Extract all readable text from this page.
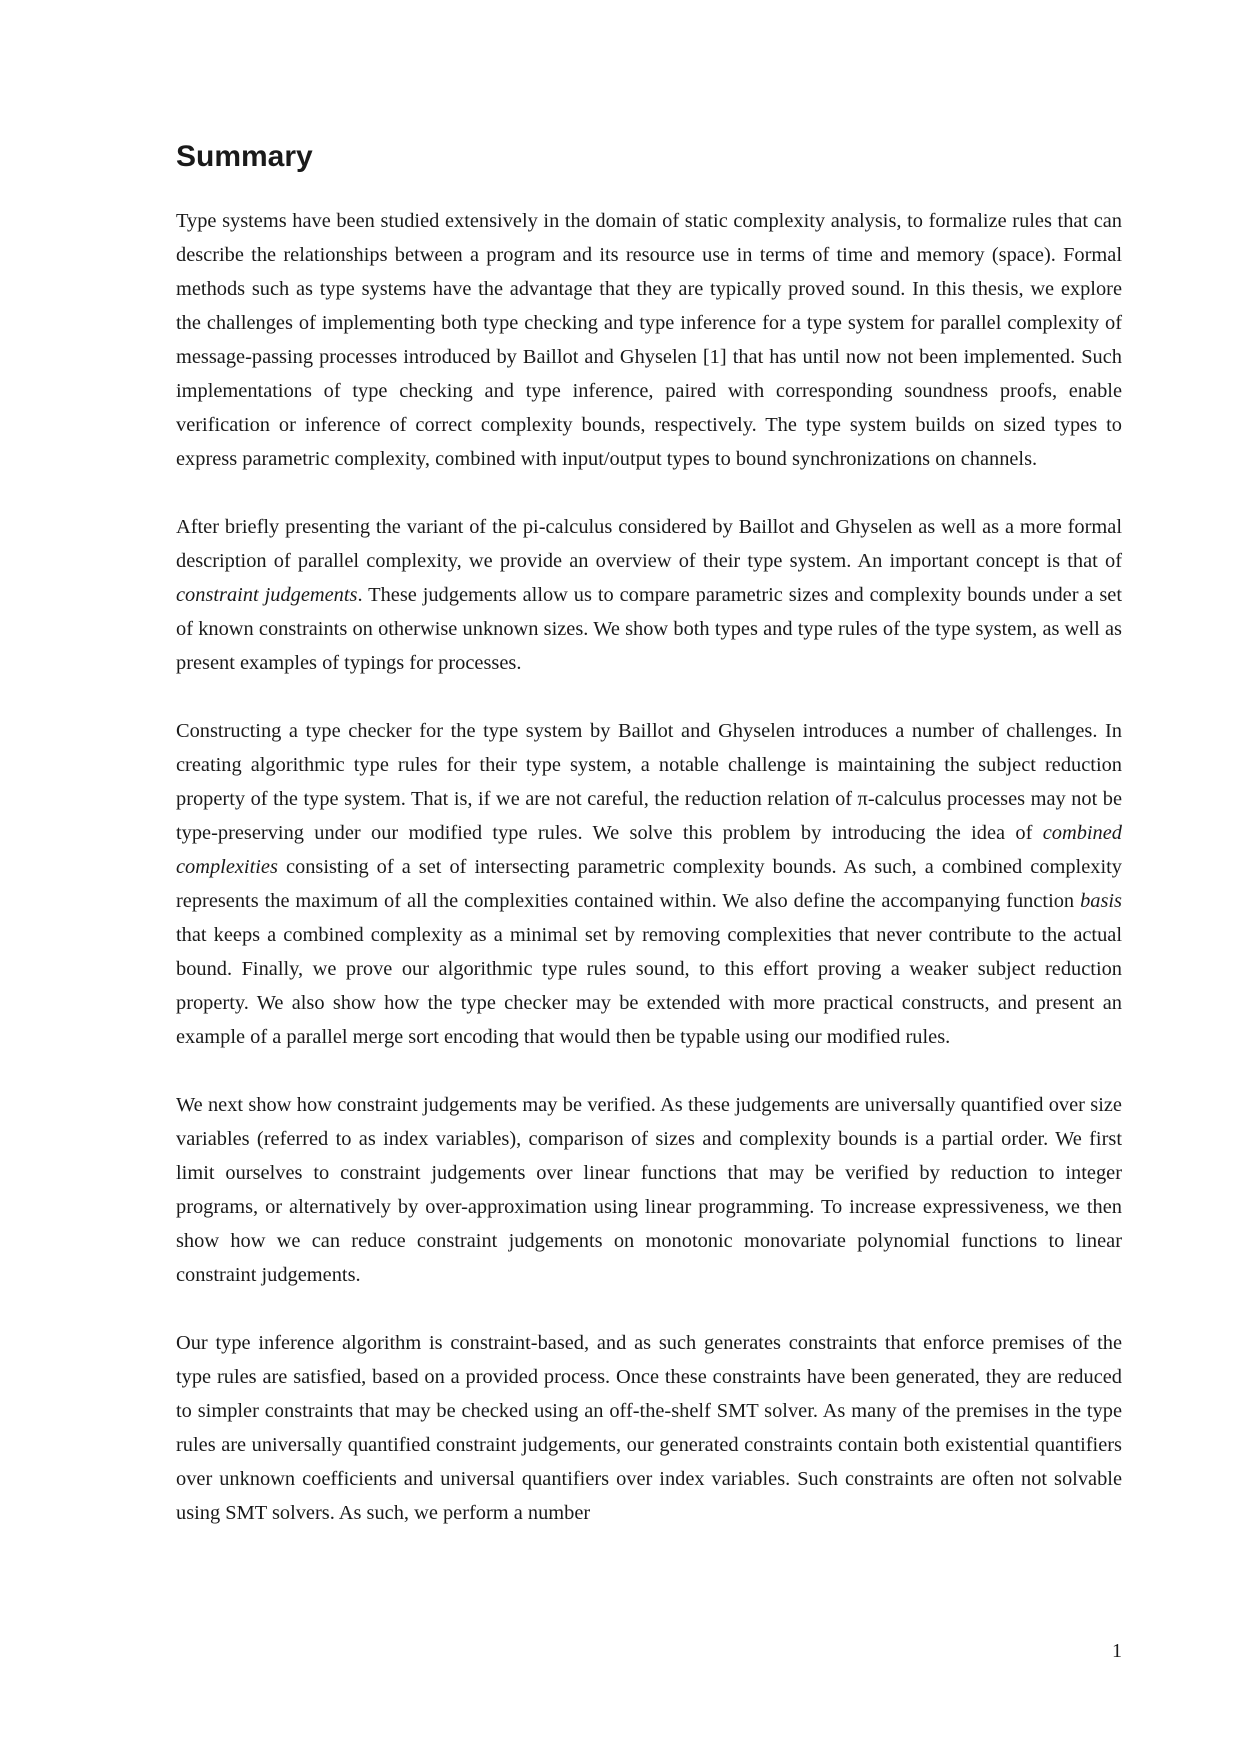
Summary

Type systems have been studied extensively in the domain of static complexity analysis, to formalize rules that can describe the relationships between a program and its resource use in terms of time and memory (space). Formal methods such as type systems have the advantage that they are typically proved sound. In this thesis, we explore the challenges of implementing both type checking and type inference for a type system for parallel complexity of message-passing processes introduced by Baillot and Ghyselen [1] that has until now not been implemented. Such implementations of type checking and type inference, paired with corresponding soundness proofs, enable verification or inference of correct complexity bounds, respectively. The type system builds on sized types to express parametric complexity, combined with input/output types to bound synchronizations on channels.

After briefly presenting the variant of the pi-calculus considered by Baillot and Ghyselen as well as a more formal description of parallel complexity, we provide an overview of their type system. An important concept is that of constraint judgements. These judgements allow us to compare parametric sizes and complexity bounds under a set of known constraints on otherwise unknown sizes. We show both types and type rules of the type system, as well as present examples of typings for processes.

Constructing a type checker for the type system by Baillot and Ghyselen introduces a number of challenges. In creating algorithmic type rules for their type system, a notable challenge is maintaining the subject reduction property of the type system. That is, if we are not careful, the reduction relation of π-calculus processes may not be type-preserving under our modified type rules. We solve this problem by introducing the idea of combined complexities consisting of a set of intersecting parametric complexity bounds. As such, a combined complexity represents the maximum of all the complexities contained within. We also define the accompanying function basis that keeps a combined complexity as a minimal set by removing complexities that never contribute to the actual bound. Finally, we prove our algorithmic type rules sound, to this effort proving a weaker subject reduction property. We also show how the type checker may be extended with more practical constructs, and present an example of a parallel merge sort encoding that would then be typable using our modified rules.

We next show how constraint judgements may be verified. As these judgements are universally quantified over size variables (referred to as index variables), comparison of sizes and complexity bounds is a partial order. We first limit ourselves to constraint judgements over linear functions that may be verified by reduction to integer programs, or alternatively by over-approximation using linear programming. To increase expressiveness, we then show how we can reduce constraint judgements on monotonic monovariate polynomial functions to linear constraint judgements.

Our type inference algorithm is constraint-based, and as such generates constraints that enforce premises of the type rules are satisfied, based on a provided process. Once these constraints have been generated, they are reduced to simpler constraints that may be checked using an off-the-shelf SMT solver. As many of the premises in the type rules are universally quantified constraint judgements, our generated constraints contain both existential quantifiers over unknown coefficients and universal quantifiers over index variables. Such constraints are often not solvable using SMT solvers. As such, we perform a number

1
